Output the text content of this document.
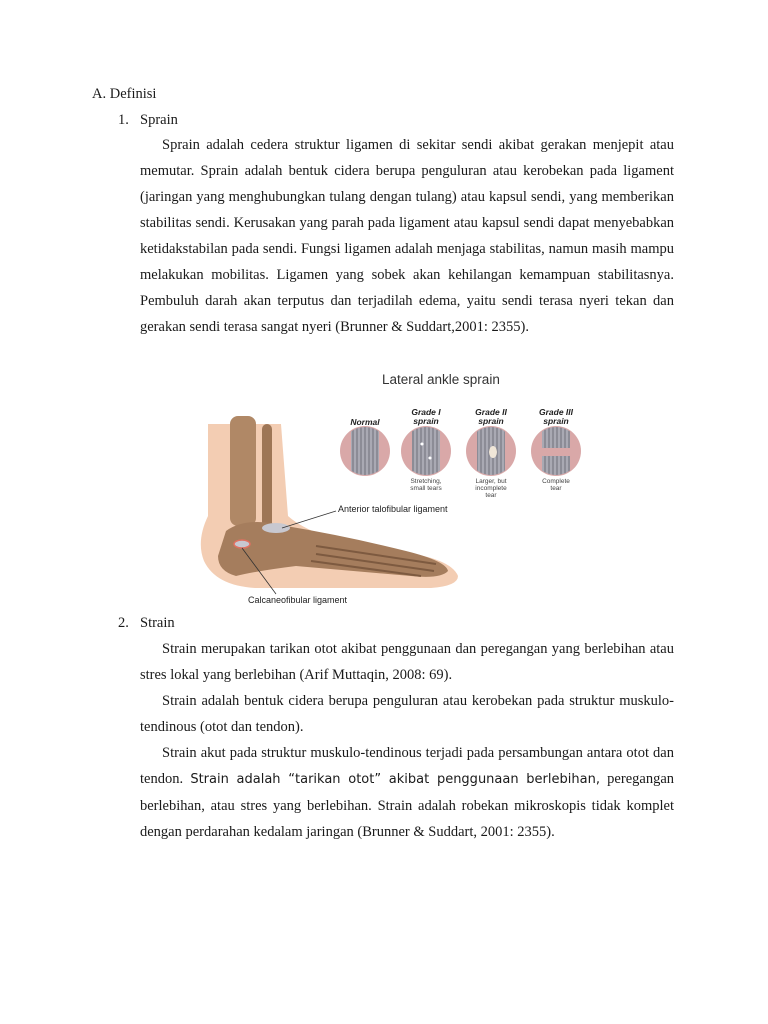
A. Definisi
1. Sprain

Sprain adalah cedera struktur ligamen di sekitar sendi akibat gerakan menjepit atau memutar. Sprain adalah bentuk cidera berupa penguluran atau kerobekan pada ligament (jaringan yang menghubungkan tulang dengan tulang) atau kapsul sendi, yang memberikan stabilitas sendi. Kerusakan yang parah pada ligament atau kapsul sendi dapat menyebabkan ketidakstabilan pada sendi. Fungsi ligamen adalah menjaga stabilitas, namun masih mampu melakukan mobilitas. Ligamen yang sobek akan kehilangan kemampuan stabilitasnya. Pembuluh darah akan terputus dan terjadilah edema, yaitu sendi terasa nyeri tekan dan gerakan sendi terasa sangat nyeri (Brunner & Suddart,2001: 2355).

Lateral ankle sprain
Normal
Grade I
sprain
Grade II
sprain
Grade III
sprain
Stretching,
small tears
Larger, but
incomplete
tear
Complete
tear
Anterior talofibular ligament
Calcaneofibular ligament
2. Strain

Strain merupakan tarikan otot akibat penggunaan dan peregangan yang berlebihan atau stres lokal yang berlebihan (Arif Muttaqin, 2008: 69).

Strain adalah bentuk cidera berupa penguluran atau kerobekan pada struktur muskulo-tendinous (otot dan tendon).

Strain akut pada struktur muskulo-tendinous terjadi pada persambungan antara otot dan tendon. Strain adalah “tarikan otot” akibat penggunaan berlebihan, peregangan berlebihan, atau stres yang berlebihan. Strain adalah robekan mikroskopis tidak komplet dengan perdarahan kedalam jaringan (Brunner & Suddart, 2001: 2355).
